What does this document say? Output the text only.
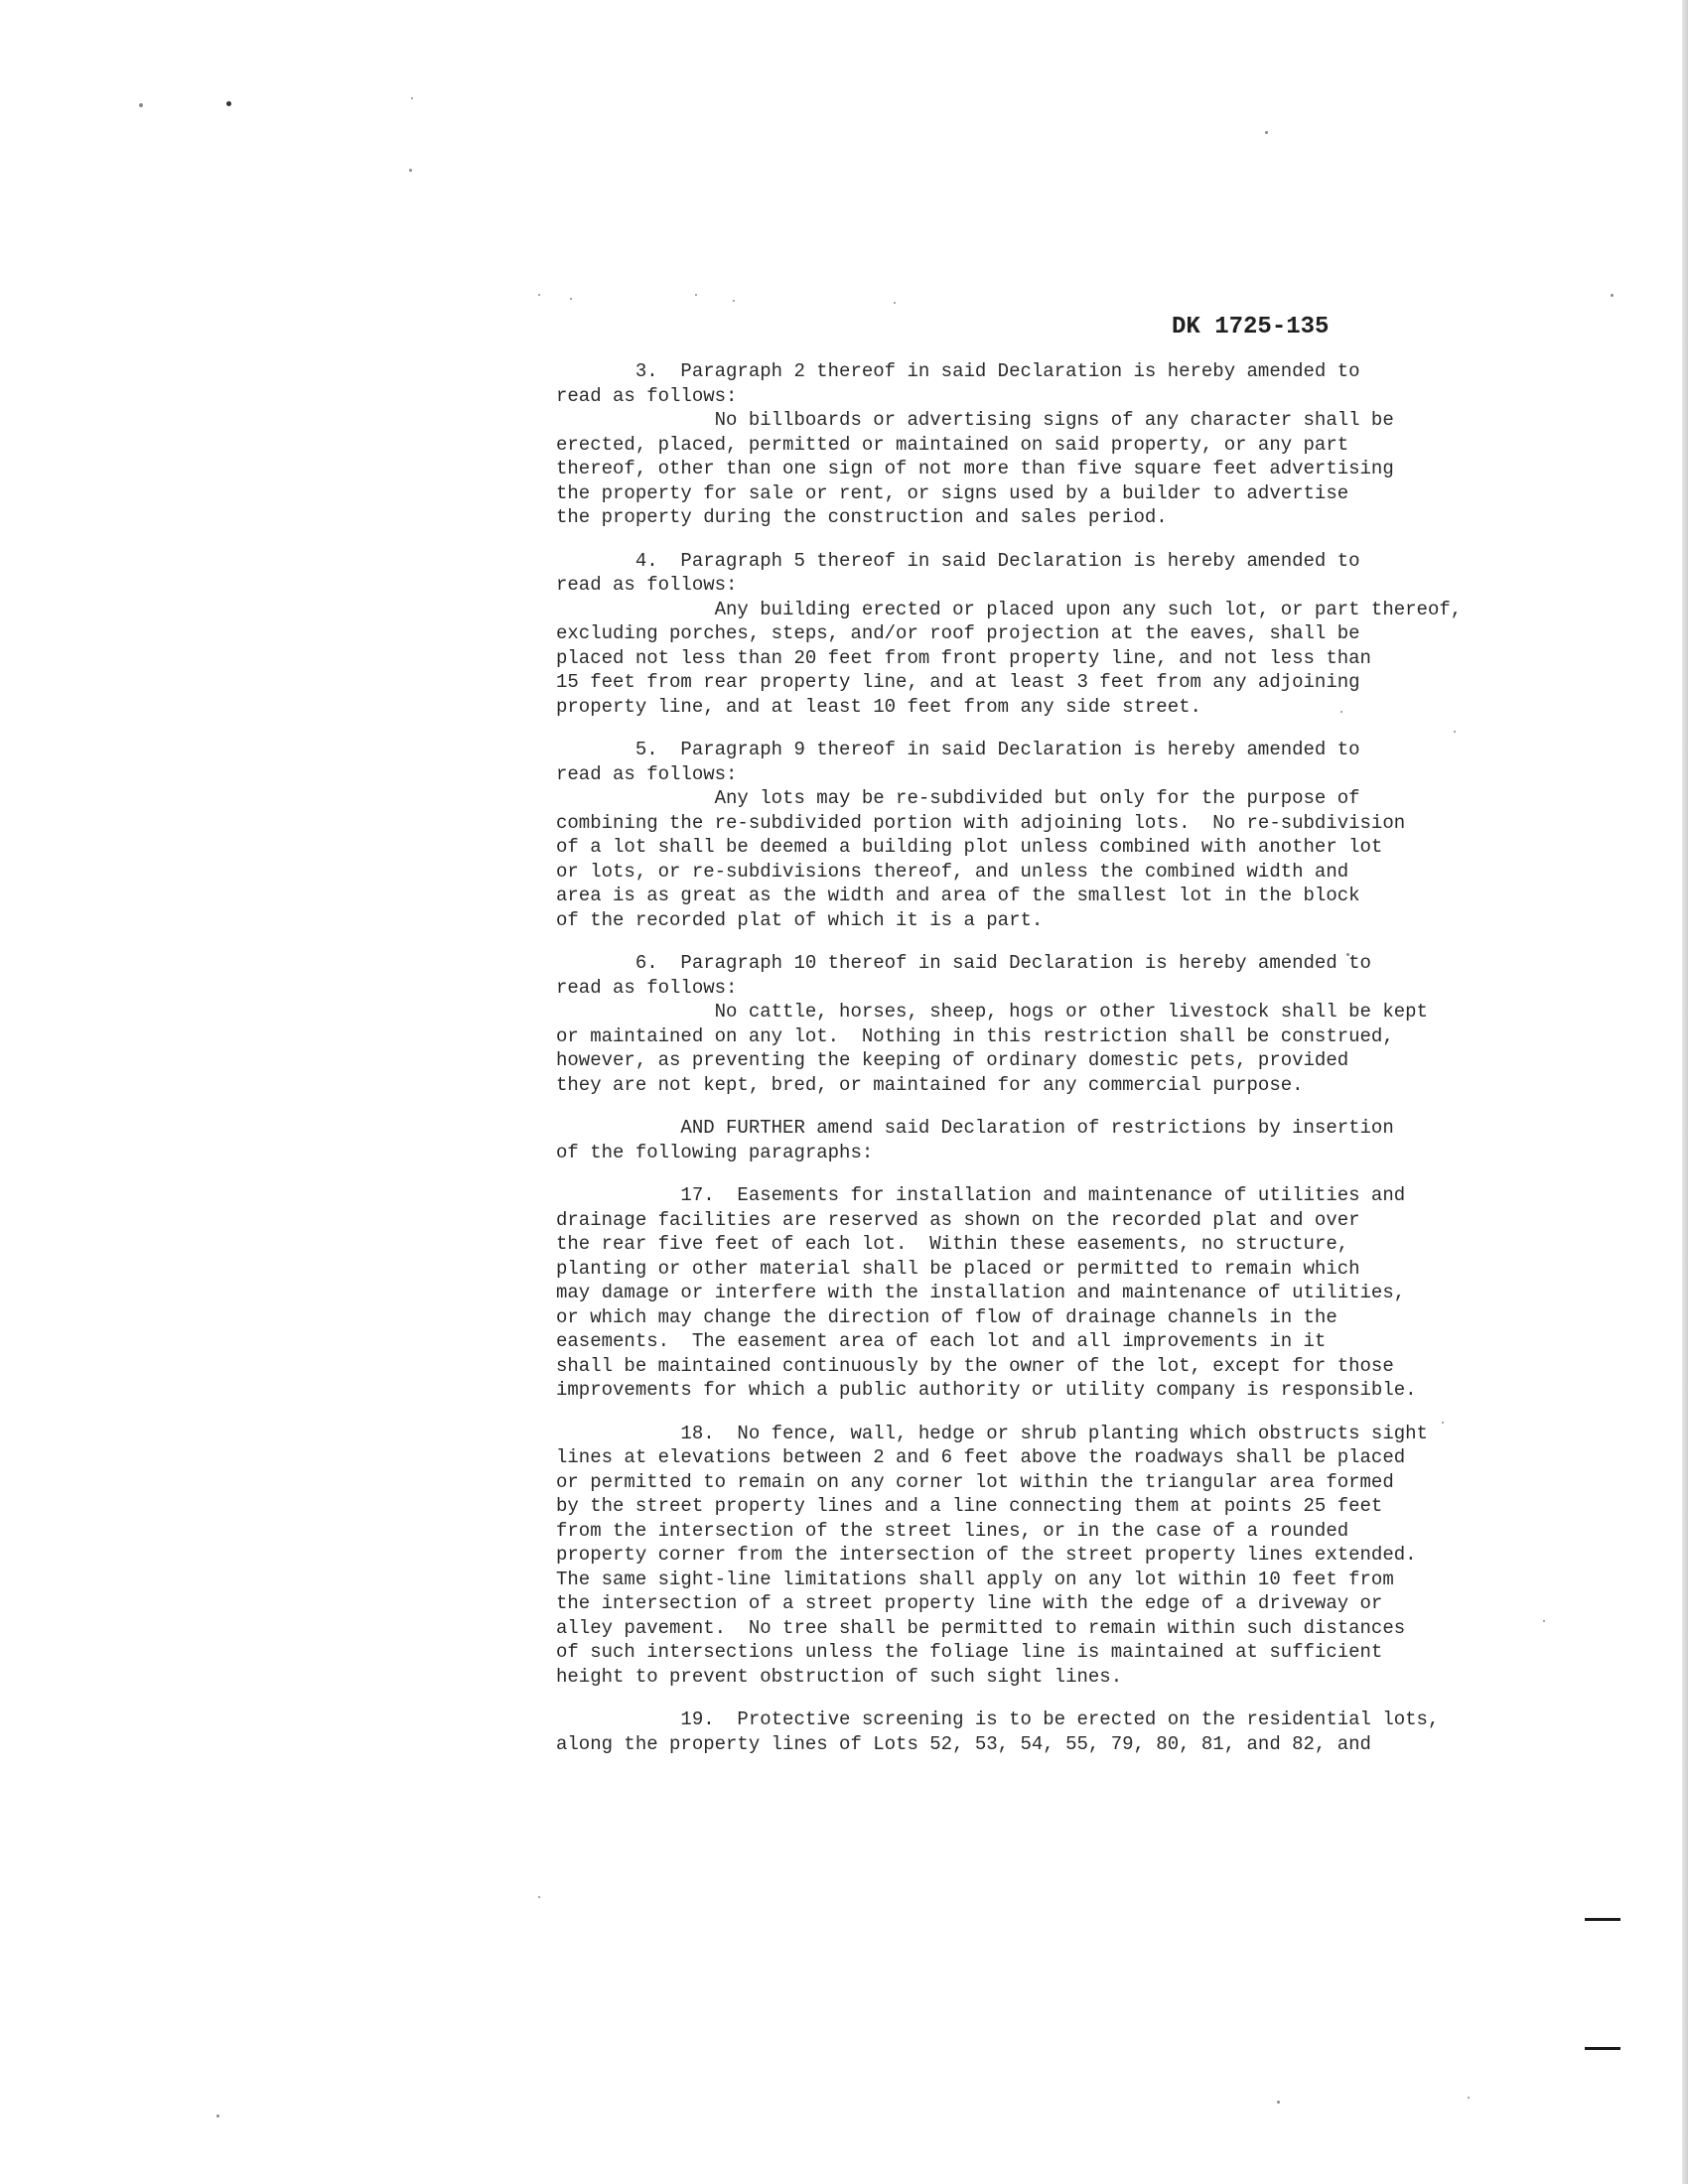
DK 1725-135
3.  Paragraph 2 thereof in said Declaration is hereby amended to
read as follows:
No billboards or advertising signs of any character shall be
erected, placed, permitted or maintained on said property, or any part
thereof, other than one sign of not more than five square feet advertising
the property for sale or rent, or signs used by a builder to advertise
the property during the construction and sales period.
4.  Paragraph 5 thereof in said Declaration is hereby amended to
read as follows:
Any building erected or placed upon any such lot, or part thereof,
excluding porches, steps, and/or roof projection at the eaves, shall be
placed not less than 20 feet from front property line, and not less than
15 feet from rear property line, and at least 3 feet from any adjoining
property line, and at least 10 feet from any side street.
5.  Paragraph 9 thereof in said Declaration is hereby amended to
read as follows:
Any lots may be re-subdivided but only for the purpose of
combining the re-subdivided portion with adjoining lots.  No re-subdivision
of a lot shall be deemed a building plot unless combined with another lot
or lots, or re-subdivisions thereof, and unless the combined width and
area is as great as the width and area of the smallest lot in the block
of the recorded plat of which it is a part.
6.  Paragraph 10 thereof in said Declaration is hereby amended to
read as follows:
No cattle, horses, sheep, hogs or other livestock shall be kept
or maintained on any lot.  Nothing in this restriction shall be construed,
however, as preventing the keeping of ordinary domestic pets, provided
they are not kept, bred, or maintained for any commercial purpose.
AND FURTHER amend said Declaration of restrictions by insertion
of the following paragraphs:
17.  Easements for installation and maintenance of utilities and
drainage facilities are reserved as shown on the recorded plat and over
the rear five feet of each lot.  Within these easements, no structure,
planting or other material shall be placed or permitted to remain which
may damage or interfere with the installation and maintenance of utilities,
or which may change the direction of flow of drainage channels in the
easements.  The easement area of each lot and all improvements in it
shall be maintained continuously by the owner of the lot, except for those
improvements for which a public authority or utility company is responsible.
18.  No fence, wall, hedge or shrub planting which obstructs sight
lines at elevations between 2 and 6 feet above the roadways shall be placed
or permitted to remain on any corner lot within the triangular area formed
by the street property lines and a line connecting them at points 25 feet
from the intersection of the street lines, or in the case of a rounded
property corner from the intersection of the street property lines extended.
The same sight-line limitations shall apply on any lot within 10 feet from
the intersection of a street property line with the edge of a driveway or
alley pavement.  No tree shall be permitted to remain within such distances
of such intersections unless the foliage line is maintained at sufficient
height to prevent obstruction of such sight lines.
19.  Protective screening is to be erected on the residential lots,
along the property lines of Lots 52, 53, 54, 55, 79, 80, 81, and 82, and
